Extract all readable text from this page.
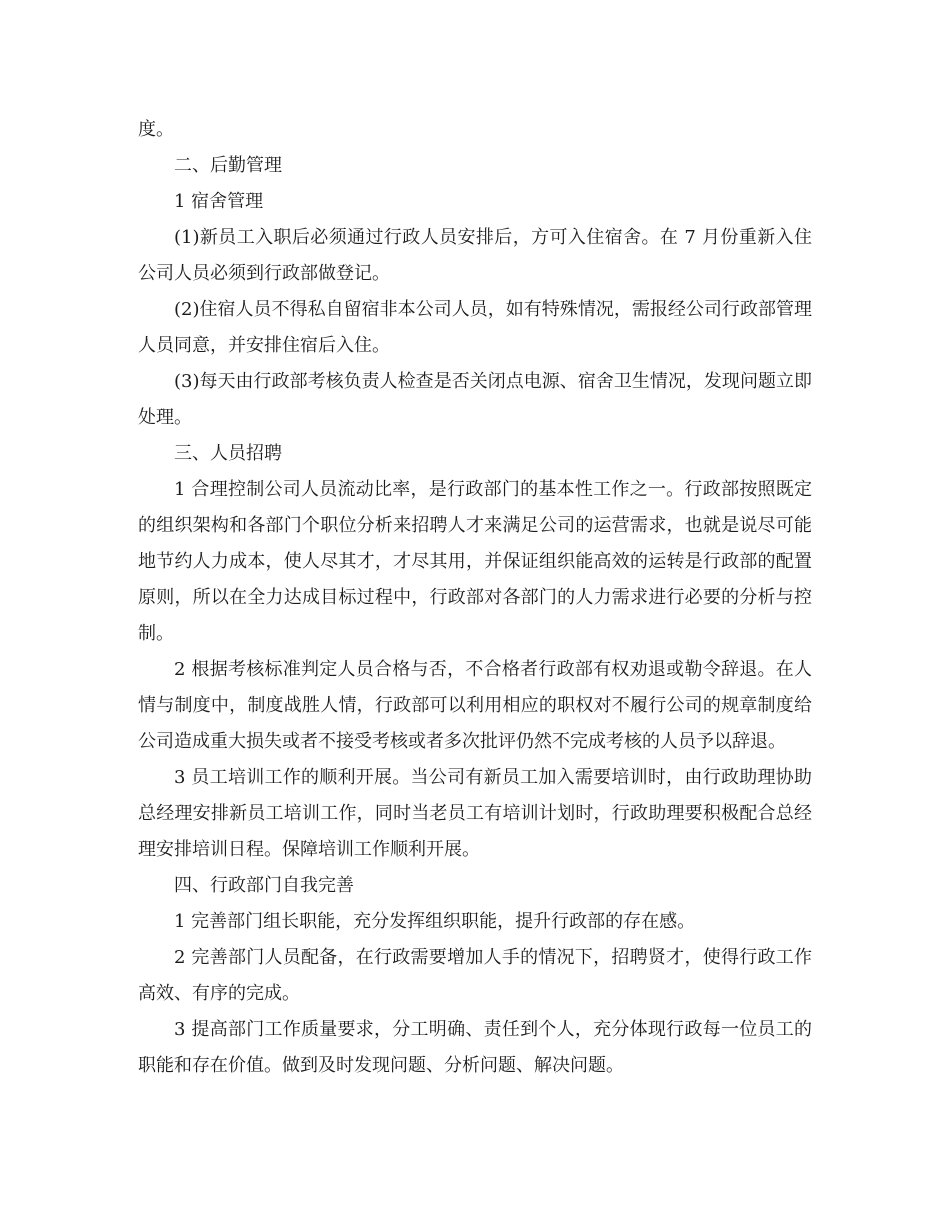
度。

二、后勤管理

1 宿舍管理

(1)新员工入职后必须通过行政人员安排后，方可入住宿舍。在 7 月份重新入住公司人员必须到行政部做登记。

(2)住宿人员不得私自留宿非本公司人员，如有特殊情况，需报经公司行政部管理人员同意，并安排住宿后入住。

(3)每天由行政部考核负责人检查是否关闭点电源、宿舍卫生情况，发现问题立即处理。

三、人员招聘

1 合理控制公司人员流动比率，是行政部门的基本性工作之一。行政部按照既定的组织架构和各部门个职位分析来招聘人才来满足公司的运营需求，也就是说尽可能地节约人力成本，使人尽其才，才尽其用，并保证组织能高效的运转是行政部的配置原则，所以在全力达成目标过程中，行政部对各部门的人力需求进行必要的分析与控制。

2 根据考核标准判定人员合格与否，不合格者行政部有权劝退或勒令辞退。在人情与制度中，制度战胜人情，行政部可以利用相应的职权对不履行公司的规章制度给公司造成重大损失或者不接受考核或者多次批评仍然不完成考核的人员予以辞退。

3 员工培训工作的顺利开展。当公司有新员工加入需要培训时，由行政助理协助总经理安排新员工培训工作，同时当老员工有培训计划时，行政助理要积极配合总经理安排培训日程。保障培训工作顺利开展。

四、行政部门自我完善

1 完善部门组长职能，充分发挥组织职能，提升行政部的存在感。

2 完善部门人员配备，在行政需要增加人手的情况下，招聘贤才，使得行政工作高效、有序的完成。

3 提高部门工作质量要求，分工明确、责任到个人，充分体现行政每一位员工的职能和存在价值。做到及时发现问题、分析问题、解决问题。
